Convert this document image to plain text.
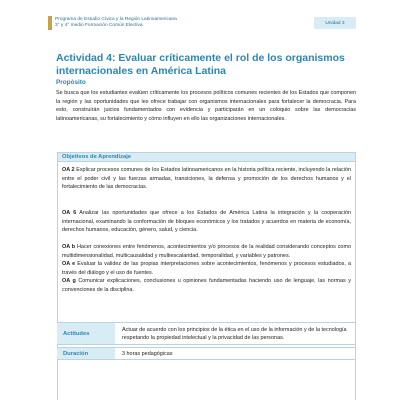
Programa de Estudio Cívica y la Región Latinoamericana
3° y 4° medio Formación Común Electiva	Unidad 3
Actividad 4: Evaluar críticamente el rol de los organismos internacionales en América Latina
Propósito

Se busca que los estudiantes evalúen críticamente los procesos políticos comunes recientes de los Estados que componen la región y las oportunidades que les ofrece trabajar con organismos internacionales para fortalecer la democracia. Para esto, construirán juicios fundamentados con evidencia y participarán en un coloquio sobre las democracias latinoamericanas, su fortalecimiento y cómo influyen en ello las organizaciones internacionales.

Objetivos de Aprendizaje

OA 2 Explicar procesos comunes de los Estados latinoamericanos en la historia política reciente, incluyendo la relación entre el poder civil y las fuerzas armadas, transiciones, la defensa y promoción de los derechos humanos y el fortalecimiento de las democracias.

OA 6 Analizar las oportunidades que ofrece a los Estados de América Latina la integración y la cooperación internacional, examinando la conformación de bloques económicos y los tratados y acuerdos en materia de economía, derechos humanos, educación, género, salud, y ciencia.

OA b Hacer conexiones entre fenómenos, acontecimientos y/o procesos de la realidad considerando conceptos como multidimensionalidad, multicausalidad y multiescalaridad, temporalidad, y variables y patrones.
OA e Evaluar la validez de las propias interpretaciones sobre acontecimientos, fenómenos y procesos estudiados, a través del diálogo y el uso de fuentes.
OA g Comunicar explicaciones, conclusiones u opiniones fundamentadas haciendo uso de lenguaje, las normas y convenciones de la disciplina.

Actitudes
Actuar de acuerdo con los principios de la ética en el uso de la información y de la tecnología respetando la propiedad intelectual y la privacidad de las personas.
Duración	3 horas pedagógicas
